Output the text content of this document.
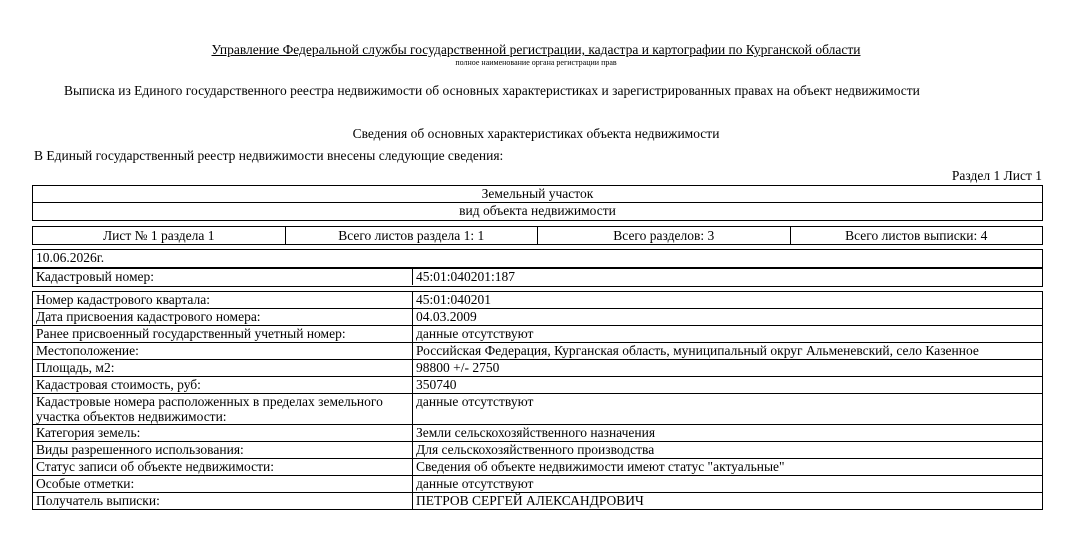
Управление Федеральной службы государственной регистрации, кадастра и картографии по Курганской области
полное наименование органа регистрации прав
Выписка из Единого государственного реестра недвижимости об основных характеристиках и зарегистрированных правах на объект недвижимости
Сведения об основных характеристиках объекта недвижимости
В Единый государственный реестр недвижимости внесены следующие сведения:
Раздел 1 Лист 1
Земельный участок
вид объекта недвижимости
Лист № 1 раздела 1	Всего листов раздела 1: 1	Всего разделов: 3	Всего листов выписки: 4
10.06.2026г.
Кадастровый номер:	45:01:040201:187
Номер кадастрового квартала:	45:01:040201
Дата присвоения кадастрового номера:	04.03.2009
Ранее присвоенный государственный учетный номер:	данные отсутствуют
Местоположение:	Российская Федерация, Курганская область, муниципальный округ Альменевский, село Казенное
Площадь, м2:	98800 +/- 2750
Кадастровая стоимость, руб:	350740
Кадастровые номера расположенных в пределах земельного участка объектов недвижимости:
данные отсутствуют
Категория земель:	Земли сельскохозяйственного назначения
Виды разрешенного использования:	Для сельскохозяйственного производства
Статус записи об объекте недвижимости:	Сведения об объекте недвижимости имеют статус "актуальные"
Особые отметки:	данные отсутствуют
Получатель выписки:	ПЕТРОВ СЕРГЕЙ АЛЕКСАНДРОВИЧ
